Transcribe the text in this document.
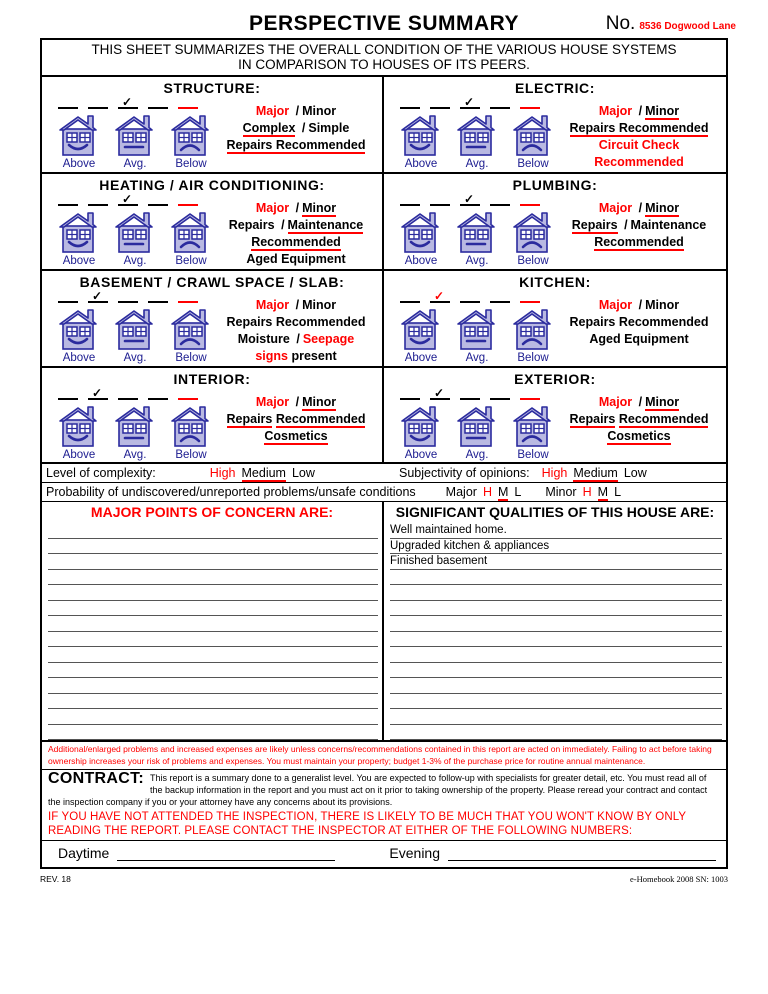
PERSPECTIVE SUMMARY	No. 8536 Dogwood Lane
THIS SHEET SUMMARIZES THE OVERALL CONDITION OF THE VARIOUS HOUSE SYSTEMS
IN COMPARISON TO HOUSES OF ITS PEERS.
STRUCTURE:
✓
Above	Avg.	Below
Major / Minor
Complex / Simple
Repairs Recommended
ELECTRIC:
✓
Above	Avg.	Below
Major / Minor
Repairs Recommended
Circuit Check
Recommended
HEATING / AIR CONDITIONING:
✓
Above	Avg.	Below
Major / Minor
Repairs / Maintenance
Recommended
Aged Equipment
PLUMBING:
✓
Above	Avg.	Below
Major / Minor
Repairs / Maintenance
Recommended
BASEMENT / CRAWL SPACE / SLAB:
✓
Above	Avg.	Below
Major / Minor
Repairs Recommended
Moisture / Seepage
signs present
KITCHEN:
✓
Above	Avg.	Below
Major / Minor
Repairs Recommended
Aged Equipment
INTERIOR:
✓
Above	Avg.	Below
Major / Minor
Repairs Recommended
Cosmetics
EXTERIOR:
✓
Above	Avg.	Below
Major / Minor
Repairs Recommended
Cosmetics
Level of complexity:	High Medium Low	Subjectivity of opinions: High Medium Low
Probability of undiscovered/unreported problems/unsafe conditions Major H M L Minor H M L
MAJOR POINTS OF CONCERN ARE:

	SIGNIFICANT QUALITIES OF THIS HOUSE ARE:
Well maintained home.
Upgraded kitchen & appliances
Finished basement

Additional/enlarged problems and increased expenses are likely unless concerns/recommendations contained in this report are acted on immediately. Failing to act before taking ownership increases your risk of problems and expenses. You must maintain your property; budget 1-3% of the purchase price for routine annual maintenance.
CONTRACT: This report is a summary done to a generalist level. You are expected to follow-up with specialists for greater detail, etc. You must read all of the backup information in the report and you must act on it prior to taking ownership of the property. Please reread your contract and contact the inspection company if you or your attorney have any concerns about its provisions.
IF YOU HAVE NOT ATTENDED THE INSPECTION, THERE IS LIKELY TO BE MUCH THAT YOU WON'T KNOW BY ONLY READING THE REPORT. PLEASE CONTACT THE INSPECTOR AT EITHER OF THE FOLLOWING NUMBERS:
Daytime	Evening
REV. 18	e-Homebook 2008 SN: 1003
